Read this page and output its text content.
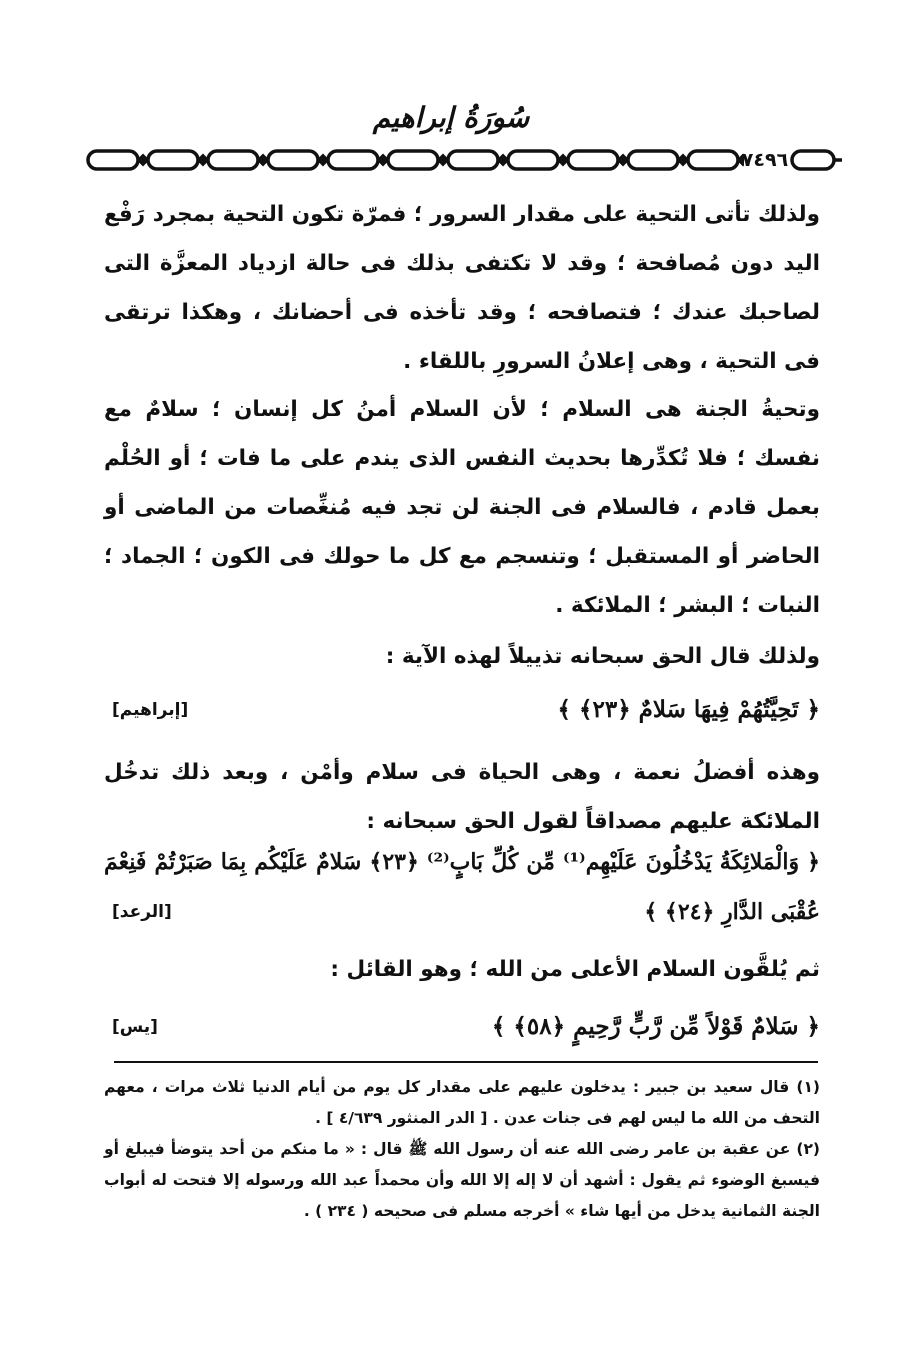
سُورَةُ إبراهيم
٧٤٩٦

ولذلك تأتى التحية على مقدار السرور ؛ فمرّة تكون التحية بمجرد رَفْع اليد دون مُصافحة ؛ وقد لا تكتفى بذلك فى حالة ازدياد المعزَّة التى لصاحبك عندك ؛ فتصافحه ؛ وقد تأخذه فى أحضانك ، وهكذا ترتقى فى التحية ، وهى إعلانُ السرورِ باللقاء .

وتحيةُ الجنة هى السلام ؛ لأن السلام أمنُ كل إنسان ؛ سلامٌ مع نفسك ؛ فلا تُكدِّرها بحديث النفس الذى يندم على ما فات ؛ أو الحُلْم بعمل قادم ، فالسلام فى الجنة لن تجد فيه مُنغِّصات من الماضى أو الحاضر أو المستقبل ؛ وتنسجم مع كل ما حولك فى الكون ؛ الجماد ؛ النبات ؛ البشر ؛ الملائكة .

ولذلك قال الحق سبحانه تذييلاً لهذه الآية :

﴿ تَحِيَّتُهُمْ فِيهَا سَلامٌ ﴿٢٣﴾ ﴾
[إبراهيم]

وهذه أفضلُ نعمة ، وهى الحياة فى سلام وأمْن ، وبعد ذلك تدخُل الملائكة عليهم مصداقاً لقول الحق سبحانه :

﴿ وَالْمَلائِكَةُ يَدْخُلُونَ عَلَيْهِم⁽¹⁾ مِّن كُلِّ بَابٍ⁽²⁾ ﴿٢٣﴾ سَلامٌ عَلَيْكُم بِمَا صَبَرْتُمْ فَنِعْمَ عُقْبَى الدَّارِ ﴿٢٤﴾ ﴾
[الرعد]

ثم يُلقَّون السلام الأعلى من الله ؛ وهو القائل :

﴿ سَلامٌ قَوْلاً مِّن رَّبٍّ رَّحِيمٍ ﴿٥٨﴾ ﴾
[يس]

(١) قال سعيد بن جبير : يدخلون عليهم على مقدار كل يوم من أيام الدنيا ثلاث مرات ، معهم التحف من الله ما ليس لهم فى جنات عدن . [ الدر المنثور ٤/٦٣٩ ] .

(٢) عن عقبة بن عامر رضى الله عنه أن رسول الله ﷺ قال : « ما منكم من أحد يتوضأ فيبلغ أو فيسبغ الوضوء ثم يقول : أشهد أن لا إله إلا الله وأن محمداً عبد الله ورسوله إلا فتحت له أبواب الجنة الثمانية يدخل من أيها شاء » أخرجه مسلم فى صحيحه ( ٢٣٤ ) .
